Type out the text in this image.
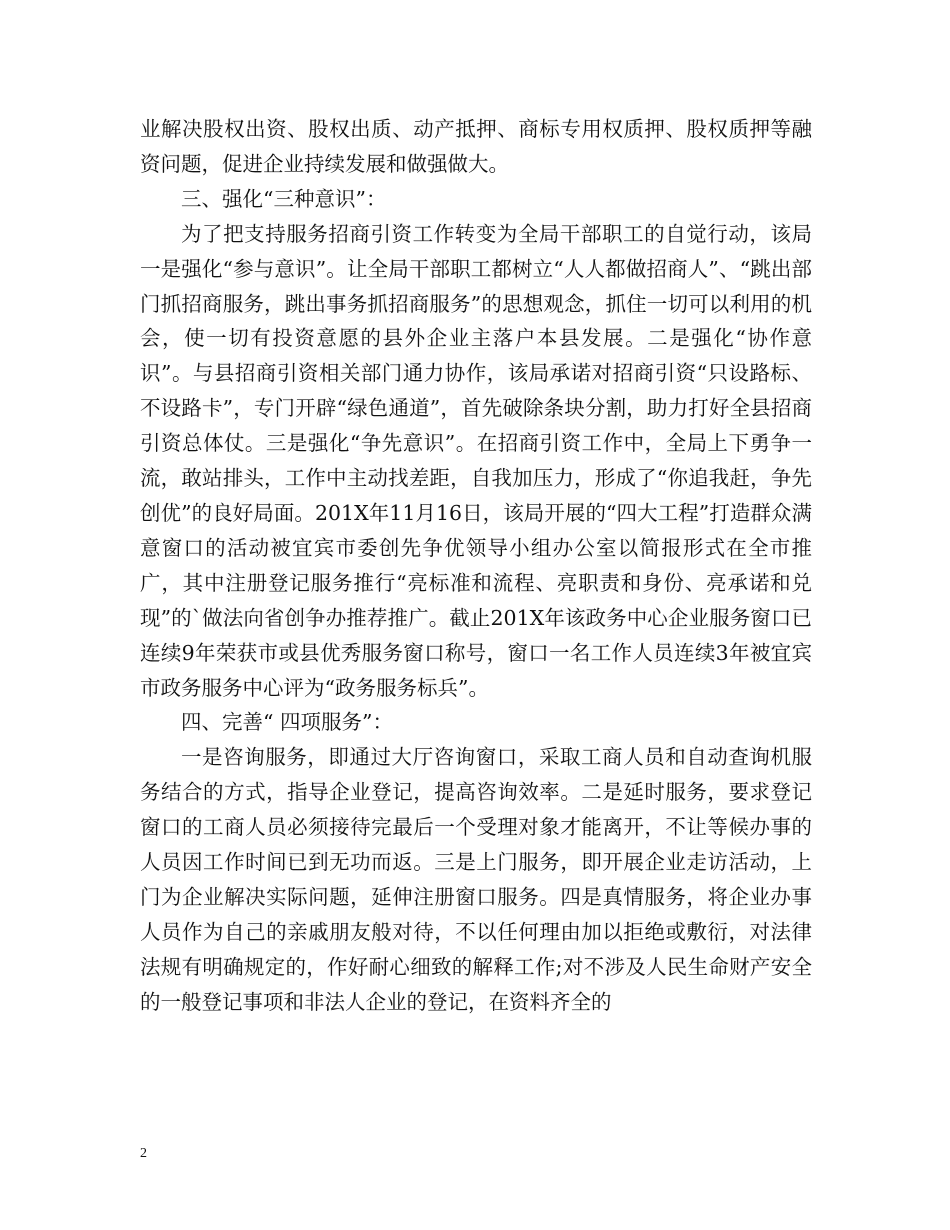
业解决股权出资、股权出质、动产抵押、商标专用权质押、股权质押等融资问题，促进企业持续发展和做强做大。

三、强化“三种意识”：

为了把支持服务招商引资工作转变为全局干部职工的自觉行动，该局一是强化“参与意识”。让全局干部职工都树立“人人都做招商人”、“跳出部门抓招商服务，跳出事务抓招商服务”的思想观念，抓住一切可以利用的机会，使一切有投资意愿的县外企业主落户本县发展。二是强化“协作意识”。与县招商引资相关部门通力协作，该局承诺对招商引资“只设路标、不设路卡”，专门开辟“绿色通道”，首先破除条块分割，助力打好全县招商引资总体仗。三是强化“争先意识”。在招商引资工作中，全局上下勇争一流，敢站排头，工作中主动找差距，自我加压力，形成了“你追我赶，争先创优”的良好局面。201X年11月16日，该局开展的“四大工程”打造群众满意窗口的活动被宜宾市委创先争优领导小组办公室以简报形式在全市推广，其中注册登记服务推行“亮标准和流程、亮职责和身份、亮承诺和兑现”的`做法向省创争办推荐推广。截止201X年该政务中心企业服务窗口已连续9年荣获市或县优秀服务窗口称号，窗口一名工作人员连续3年被宜宾市政务服务中心评为“政务服务标兵”。

四、完善“ 四项服务”：

一是咨询服务，即通过大厅咨询窗口，采取工商人员和自动查询机服务结合的方式，指导企业登记，提高咨询效率。二是延时服务，要求登记窗口的工商人员必须接待完最后一个受理对象才能离开，不让等候办事的人员因工作时间已到无功而返。三是上门服务，即开展企业走访活动，上门为企业解决实际问题，延伸注册窗口服务。四是真情服务，将企业办事人员作为自己的亲戚朋友般对待，不以任何理由加以拒绝或敷衍，对法律法规有明确规定的，作好耐心细致的解释工作;对不涉及人民生命财产安全的一般登记事项和非法人企业的登记，在资料齐全的

2
